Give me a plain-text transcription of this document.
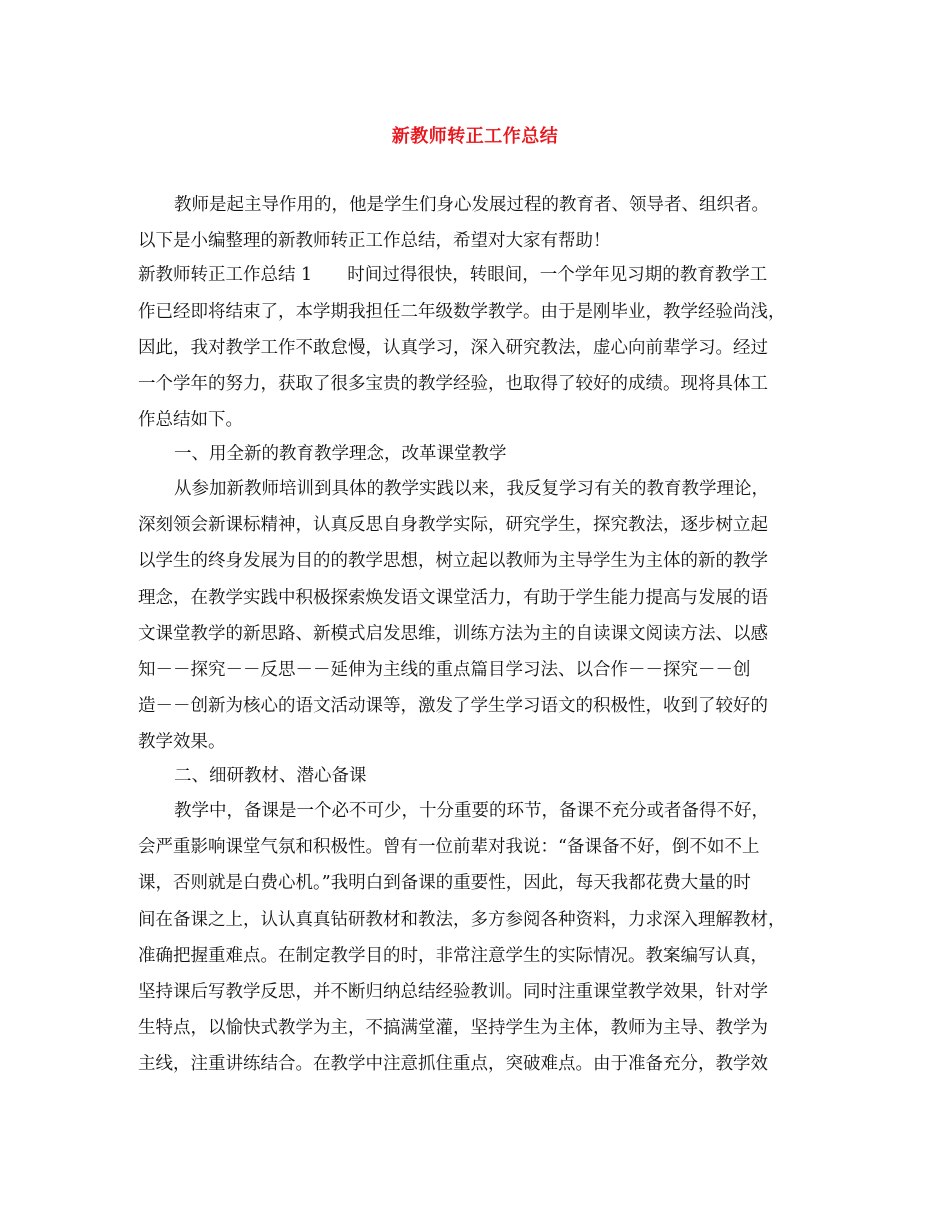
新教师转正工作总结
教师是起主导作用的，他是学生们身心发展过程的教育者、领导者、组织者。
以下是小编整理的新教师转正工作总结，希望对大家有帮助！
新教师转正工作总结 1　　时间过得很快，转眼间，一个学年见习期的教育教学工
作已经即将结束了，本学期我担任二年级数学教学。由于是刚毕业，教学经验尚浅，
因此，我对教学工作不敢怠慢，认真学习，深入研究教法，虚心向前辈学习。经过
一个学年的努力，获取了很多宝贵的教学经验，也取得了较好的成绩。现将具体工
作总结如下。
一、用全新的教育教学理念，改革课堂教学
从参加新教师培训到具体的教学实践以来，我反复学习有关的教育教学理论，
深刻领会新课标精神，认真反思自身教学实际，研究学生，探究教法，逐步树立起
以学生的终身发展为目的的教学思想，树立起以教师为主导学生为主体的新的教学
理念，在教学实践中积极探索焕发语文课堂活力，有助于学生能力提高与发展的语
文课堂教学的新思路、新模式启发思维，训练方法为主的自读课文阅读方法、以感
知－－探究－－反思－－延伸为主线的重点篇目学习法、以合作－－探究－－创
造－－创新为核心的语文活动课等，激发了学生学习语文的积极性，收到了较好的
教学效果。
二、细研教材、潜心备课
教学中，备课是一个必不可少，十分重要的环节，备课不充分或者备得不好，
会严重影响课堂气氛和积极性。曾有一位前辈对我说：“备课备不好，倒不如不上
课，否则就是白费心机。”我明白到备课的重要性，因此，每天我都花费大量的时
间在备课之上，认认真真钻研教材和教法，多方参阅各种资料，力求深入理解教材，
准确把握重难点。在制定教学目的时，非常注意学生的实际情况。教案编写认真，
坚持课后写教学反思，并不断归纳总结经验教训。同时注重课堂教学效果，针对学
生特点，以愉快式教学为主，不搞满堂灌，坚持学生为主体，教师为主导、教学为
主线，注重讲练结合。在教学中注意抓住重点，突破难点。由于准备充分，教学效
